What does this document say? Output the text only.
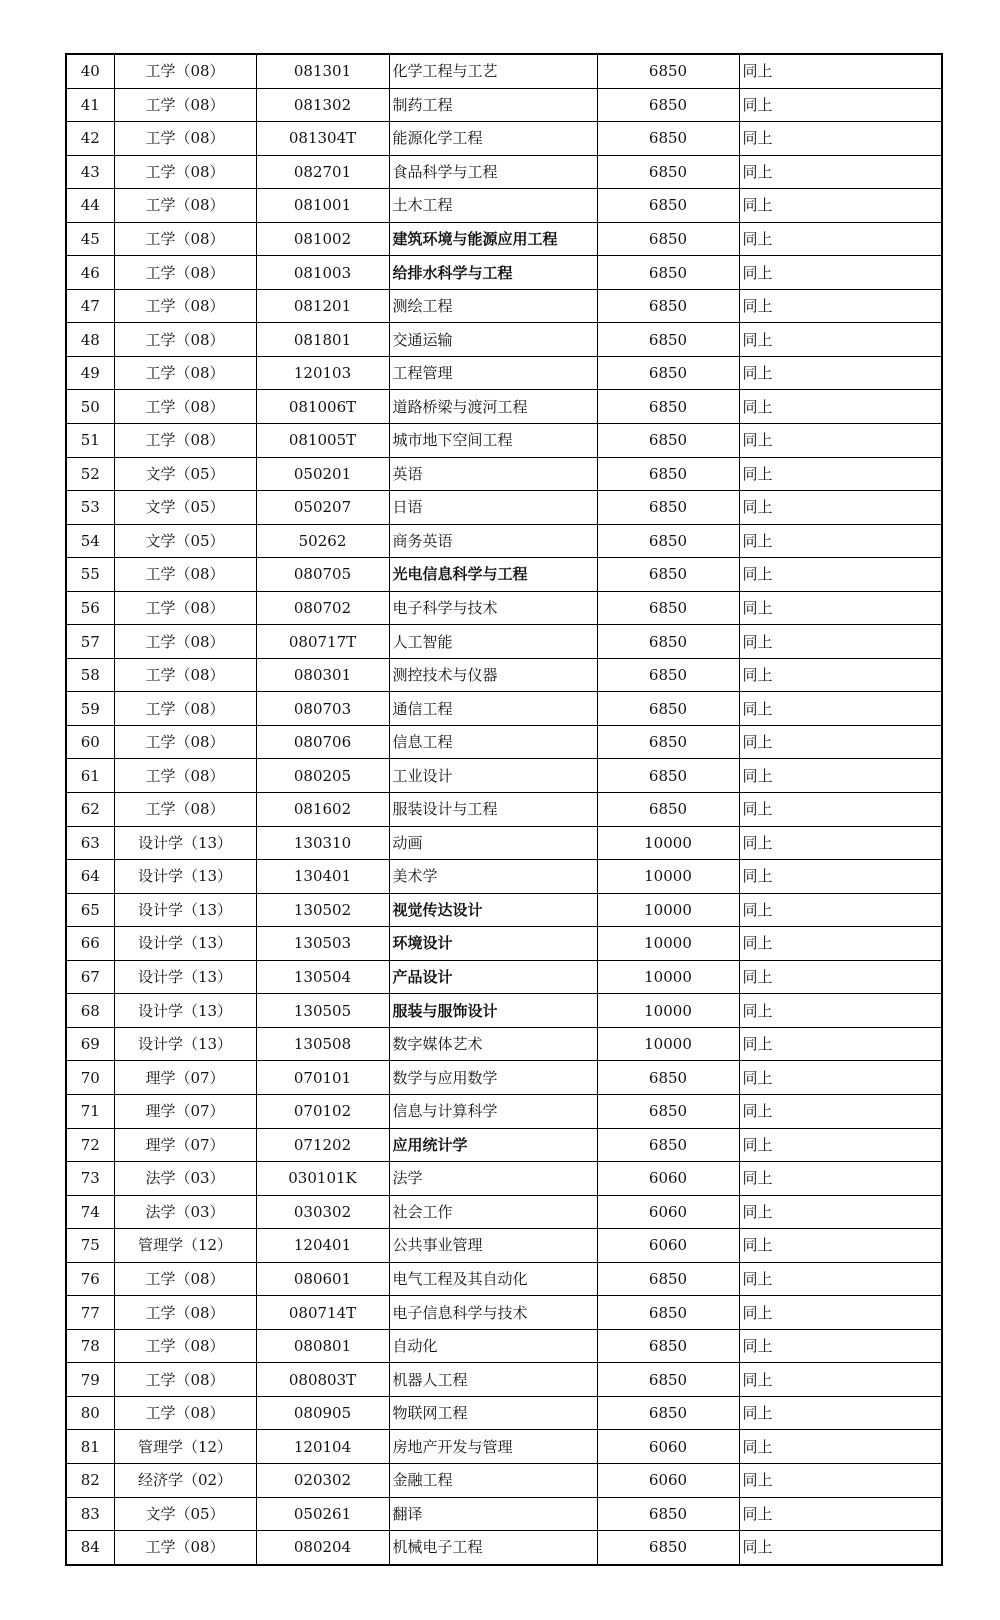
40	工学（08）	081301	化学工程与工艺	6850	同上
41	工学（08）	081302	制药工程	6850	同上
42	工学（08）	081304T	能源化学工程	6850	同上
43	工学（08）	082701	食品科学与工程	6850	同上
44	工学（08）	081001	土木工程	6850	同上
45	工学（08）	081002	建筑环境与能源应用工程	6850	同上
46	工学（08）	081003	给排水科学与工程	6850	同上
47	工学（08）	081201	测绘工程	6850	同上
48	工学（08）	081801	交通运输	6850	同上
49	工学（08）	120103	工程管理	6850	同上
50	工学（08）	081006T	道路桥梁与渡河工程	6850	同上
51	工学（08）	081005T	城市地下空间工程	6850	同上
52	文学（05）	050201	英语	6850	同上
53	文学（05）	050207	日语	6850	同上
54	文学（05）	50262	商务英语	6850	同上
55	工学（08）	080705	光电信息科学与工程	6850	同上
56	工学（08）	080702	电子科学与技术	6850	同上
57	工学（08）	080717T	人工智能	6850	同上
58	工学（08）	080301	测控技术与仪器	6850	同上
59	工学（08）	080703	通信工程	6850	同上
60	工学（08）	080706	信息工程	6850	同上
61	工学（08）	080205	工业设计	6850	同上
62	工学（08）	081602	服装设计与工程	6850	同上
63	设计学（13）	130310	动画	10000	同上
64	设计学（13）	130401	美术学	10000	同上
65	设计学（13）	130502	视觉传达设计	10000	同上
66	设计学（13）	130503	环境设计	10000	同上
67	设计学（13）	130504	产品设计	10000	同上
68	设计学（13）	130505	服装与服饰设计	10000	同上
69	设计学（13）	130508	数字媒体艺术	10000	同上
70	理学（07）	070101	数学与应用数学	6850	同上
71	理学（07）	070102	信息与计算科学	6850	同上
72	理学（07）	071202	应用统计学	6850	同上
73	法学（03）	030101K	法学	6060	同上
74	法学（03）	030302	社会工作	6060	同上
75	管理学（12）	120401	公共事业管理	6060	同上
76	工学（08）	080601	电气工程及其自动化	6850	同上
77	工学（08）	080714T	电子信息科学与技术	6850	同上
78	工学（08）	080801	自动化	6850	同上
79	工学（08）	080803T	机器人工程	6850	同上
80	工学（08）	080905	物联网工程	6850	同上
81	管理学（12）	120104	房地产开发与管理	6060	同上
82	经济学（02）	020302	金融工程	6060	同上
83	文学（05）	050261	翻译	6850	同上
84	工学（08）	080204	机械电子工程	6850	同上
